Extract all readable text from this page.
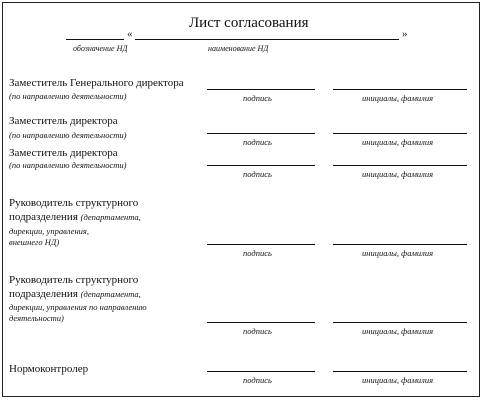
Лист согласования
«	»
обозначение НД	наименование НД
Заместитель Генерального директора
(по направлению деятельности)	подпись	инициалы, фамилия
Заместитель директора
(по направлению деятельности)
подпись	инициалы, фамилия
Заместитель директора
(по направлению деятельности)
подпись	инициалы, фамилия
Руководитель структурного
подразделения (департамента,
дирекции, управления,
внешнего НД)
подпись	инициалы, фамилия
Руководитель структурного
подразделения (департамента,
дирекции, управления по направлению
деятельности)
подпись	инициалы, фамилия
Нормоконтролер
подпись	инициалы, фамилия
